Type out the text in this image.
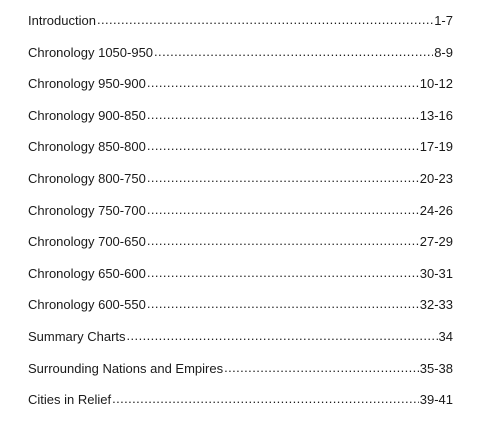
Introduction .....	1-7
Chronology 1050-950 .....	8-9
Chronology 950-900 .....	10-12
Chronology 900-850 .....	13-16
Chronology 850-800 .....	17-19
Chronology 800-750 .....	20-23
Chronology 750-700 .....	24-26
Chronology 700-650 .....	27-29
Chronology 650-600 .....	30-31
Chronology 600-550 .....	32-33
Summary Charts .....	34
Surrounding Nations and Empires .....	35-38
Cities in Relief .....	39-41
